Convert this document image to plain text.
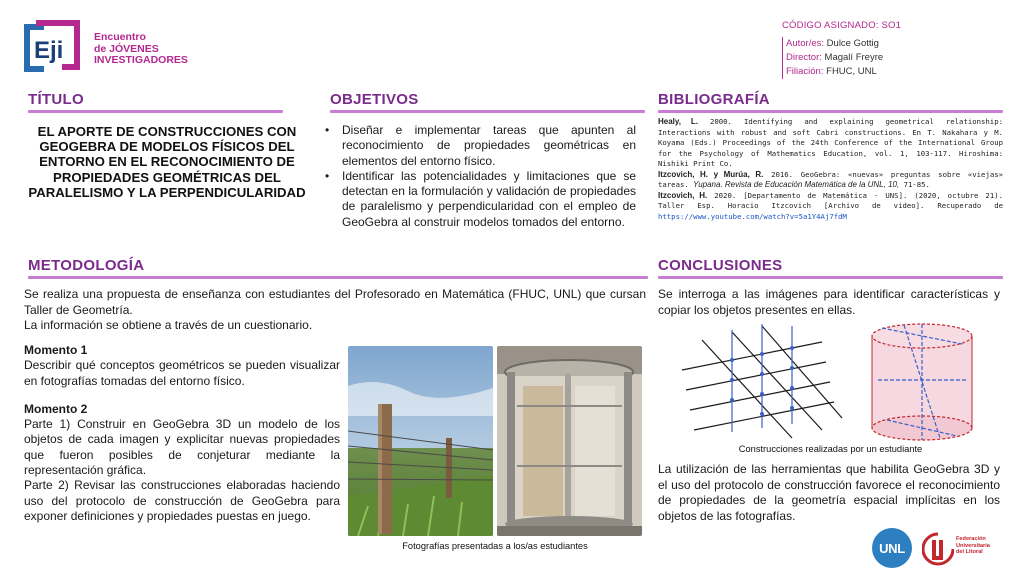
Eji	Encuentro
de JÓVENES
INVESTIGADORES
CÓDIGO ASIGNADO: SO1
Autor/es: Dulce Gottig
Director: Magalí Freyre
Filiación: FHUC, UNL
TÍTULO	OBJETIVOS	BIBLIOGRAFÍA
METODOLOGÍA	CONCLUSIONES
EL APORTE DE CONSTRUCCIONES CON GEOGEBRA DE MODELOS FÍSICOS DEL ENTORNO EN EL RECONOCIMIENTO DE PROPIEDADES GEOMÉTRICAS DEL PARALELISMO Y LA PERPENDICULARIDAD
• Diseñar e implementar tareas que apunten al reconocimiento de propiedades geométricas en elementos del entorno físico.
• Identificar las potencialidades y limitaciones que se detectan en la formulación y validación de propiedades de paralelismo y perpendicularidad con el empleo de GeoGebra al construir modelos tomados del entorno.
Healy, L. 2000. Identifying and explaining geometrical relationship: Interactions with robust and soft Cabri constructions. En T. Nakahara y M. Koyama (Eds.) Proceedings of the 24th Conference of the International Group for the Psychology of Mathematics Education, vol. 1, 103-117. Hiroshima: Nishiki Print Co.
Itzcovich, H. y Murúa, R. 2016. GeoGebra: «nuevas» preguntas sobre «viejas» tareas. Yupana. Revista de Educación Matemática de la UNL, 10, 71-85.
Itzcovich, H. 2020. [Departamento de Matemática - UNS]. (2020, octubre 21). Taller Esp. Horacio Itzcovich [Archivo de video]. Recuperado de https://www.youtube.com/watch?v=5a1Y4Aj7fdM
Se realiza una propuesta de enseñanza con estudiantes del Profesorado en Matemática (FHUC, UNL) que cursan Taller de Geometría.
La información se obtiene a través de un cuestionario.

Momento 1

Describir qué conceptos geométricos se pueden visualizar en fotografías tomadas del entorno físico.

Momento 2

Parte 1) Construir en GeoGebra 3D un modelo de los objetos de cada imagen y explicitar nuevas propiedades que fueron posibles de conjeturar mediante la representación gráfica.

Parte 2) Revisar las construcciones elaboradas haciendo uso del protocolo de construcción de GeoGebra para exponer definiciones y propiedades puestas en juego.

Fotografías presentadas a los/as estudiantes
Se interroga a las imágenes para identificar características y copiar los objetos presentes en ellas.
Construcciones realizadas por un estudiante
La utilización de las herramientas que habilita GeoGebra 3D y el uso del protocolo de construcción favorece el reconocimiento de propiedades de la geometría espacial implícitas en los objetos de las fotografías.
UNL
Federación
Universitaria
del Litoral
